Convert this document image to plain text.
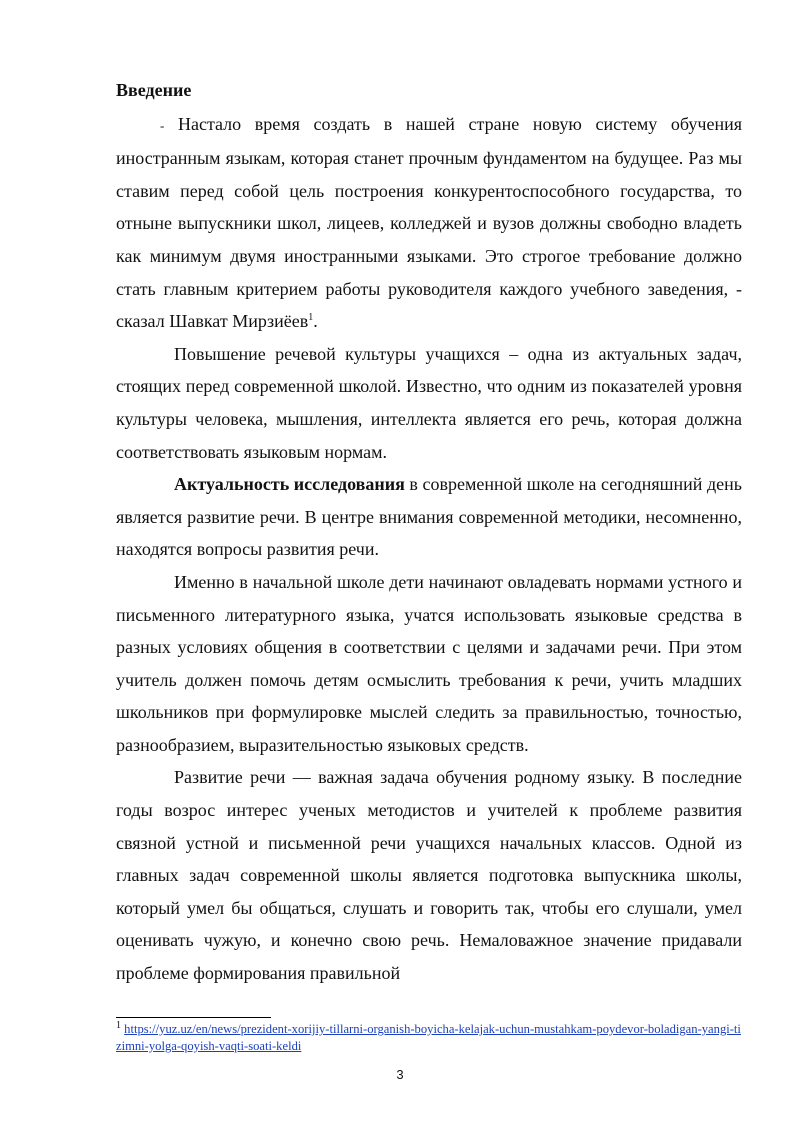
Введение

- Настало время создать в нашей стране новую систему обучения иностранным языкам, которая станет прочным фундаментом на будущее. Раз мы ставим перед собой цель построения конкурентоспособного государства, то отныне выпускники школ, лицеев, колледжей и вузов должны свободно владеть как минимум двумя иностранными языками. Это строгое требование должно стать главным критерием работы руководителя каждого учебного заведения, - сказал Шавкат Мирзиёев$^1$.

Повышение речевой культуры учащихся – одна из актуальных задач, стоящих перед современной школой. Известно, что одним из показателей уровня культуры человека, мышления, интеллекта является его речь, которая должна соответствовать языковым нормам.

Актуальность исследования в современной школе на сегодняшний день является развитие речи. В центре внимания современной методики, несомненно, находятся вопросы развития речи.

Именно в начальной школе дети начинают овладевать нормами устного и письменного литературного языка, учатся использовать языковые средства в разных условиях общения в соответствии с целями и задачами речи. При этом учитель должен помочь детям осмыслить требования к речи, учить младших школьников при формулировке мыслей следить за правильностью, точностью, разнообразием, выразительностью языковых средств.

Развитие речи — важная задача обучения родному языку. В последние годы возрос интерес ученых методистов и учителей к проблеме развития связной устной и письменной речи учащихся начальных классов. Одной из главных задач современной школы является подготовка выпускника школы, который умел бы общаться, слушать и говорить так, чтобы его слушали, умел оценивать чужую, и конечно свою речь. Немаловажное значение придавали проблеме формирования правильной

$^1$ https://yuz.uz/en/news/prezident-xorijiy-tillarni-organish-boyicha-kelajak-uchun-mustahkam-poydevor-boladigan-yangi-tizimni-yolga-qoyish-vaqti-soati-keldi
3
